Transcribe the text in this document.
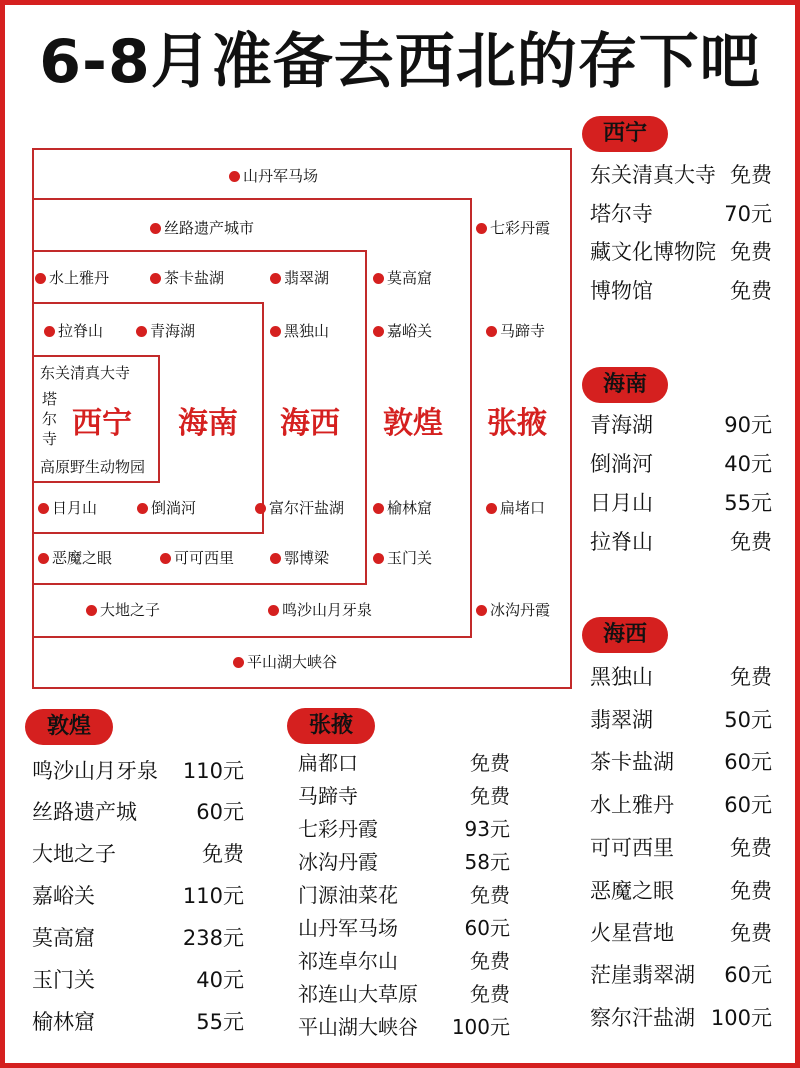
6-8月准备去西北的存下吧
山丹军马场
丝路遗产城市	七彩丹霞
水上雅丹	茶卡盐湖	翡翠湖	莫高窟
拉脊山	青海湖	黑独山	嘉峪关	马蹄寺
东关清真大寺
塔尔寺
高原野生动物园
西宁 海南 海西 敦煌 张掖
日月山	倒淌河	富尔汗盐湖	榆林窟	扁堵口
恶魔之眼	可可西里	鄂博梁	玉门关
大地之子	鸣沙山月牙泉	冰沟丹霞
平山湖大峡谷
西宁
东关清真大寺 免费
塔尔寺	70元
藏文化博物院 免费
博物馆	免费
海南
青海湖	90元
倒淌河	40元
日月山	55元
拉脊山	免费
海西
黑独山	免费
翡翠湖	50元
茶卡盐湖 60元
水上雅丹 60元
可可西里	免费
恶魔之眼	免费
火星营地	免费
茫崖翡翠湖 60元
察尔汗盐湖 100元
敦煌
鸣沙山月牙泉 110元
丝路遗产城	60元
大地之子	免费
嘉峪关	110元
莫高窟	238元
玉门关	40元
榆林窟	55元
张掖
扁都口	免费
马蹄寺	免费
七彩丹霞	93元
冰沟丹霞	58元
门源油菜花	免费
山丹军马场	60元
祁连卓尔山	免费
祁连山大草原	免费
平山湖大峡谷 100元
